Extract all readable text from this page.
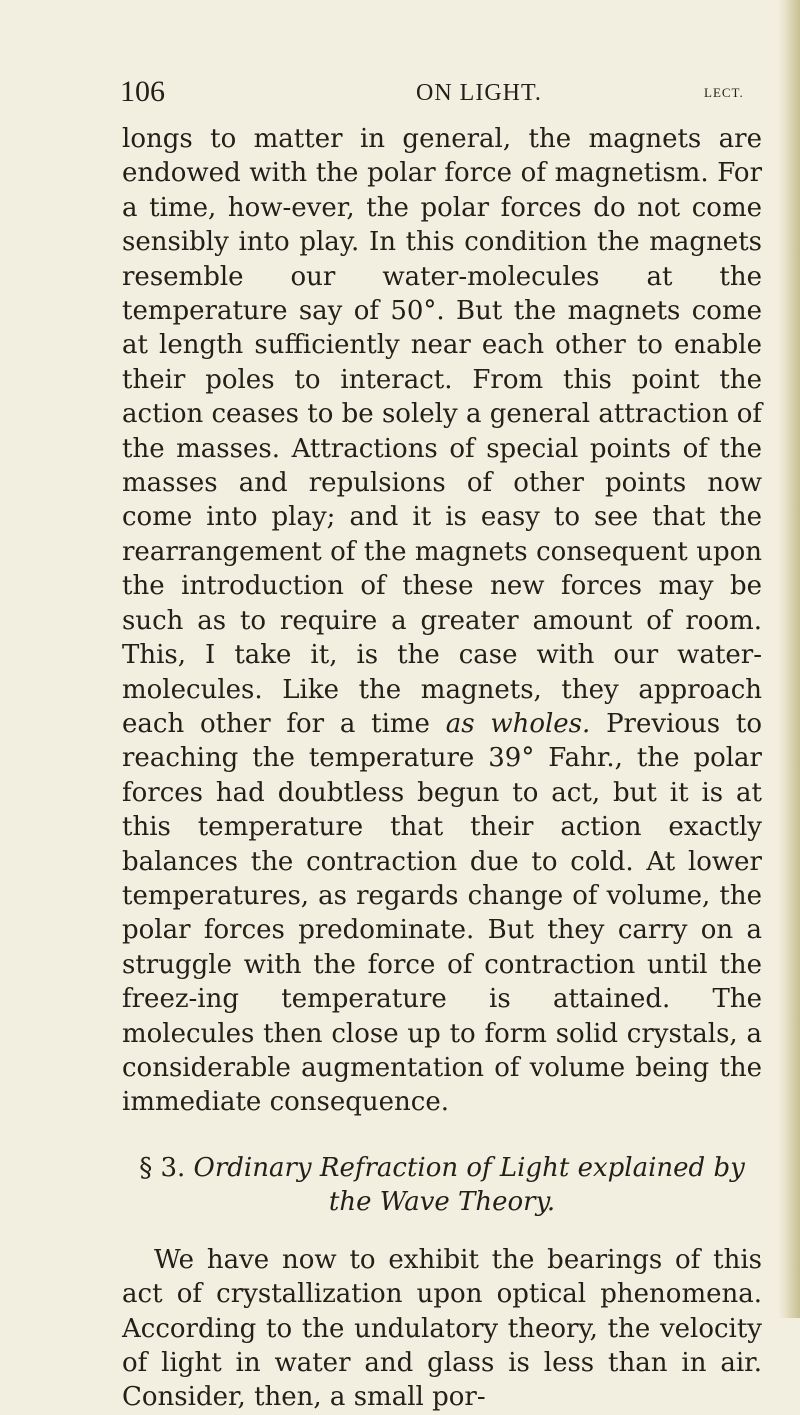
106	ON LIGHT.	LECT.

longs to matter in general, the magnets are endowed with the polar force of magnetism. For a time, how-ever, the polar forces do not come sensibly into play. In this condition the magnets resemble our water-molecules at the temperature say of 50°. But the magnets come at length sufficiently near each other to enable their poles to interact. From this point the action ceases to be solely a general attraction of the masses. Attractions of special points of the masses and repulsions of other points now come into play; and it is easy to see that the rearrangement of the magnets consequent upon the introduction of these new forces may be such as to require a greater amount of room. This, I take it, is the case with our water-molecules. Like the magnets, they approach each other for a time as wholes. Previous to reaching the temperature 39° Fahr., the polar forces had doubtless begun to act, but it is at this temperature that their action exactly balances the contraction due to cold. At lower temperatures, as regards change of volume, the polar forces predominate. But they carry on a struggle with the force of contraction until the freez-ing temperature is attained. The molecules then close up to form solid crystals, a considerable augmentation of volume being the immediate consequence.

§ 3. Ordinary Refraction of Light explained by the Wave Theory.

We have now to exhibit the bearings of this act of crystallization upon optical phenomena. According to the undulatory theory, the velocity of light in water and glass is less than in air. Consider, then, a small por-
